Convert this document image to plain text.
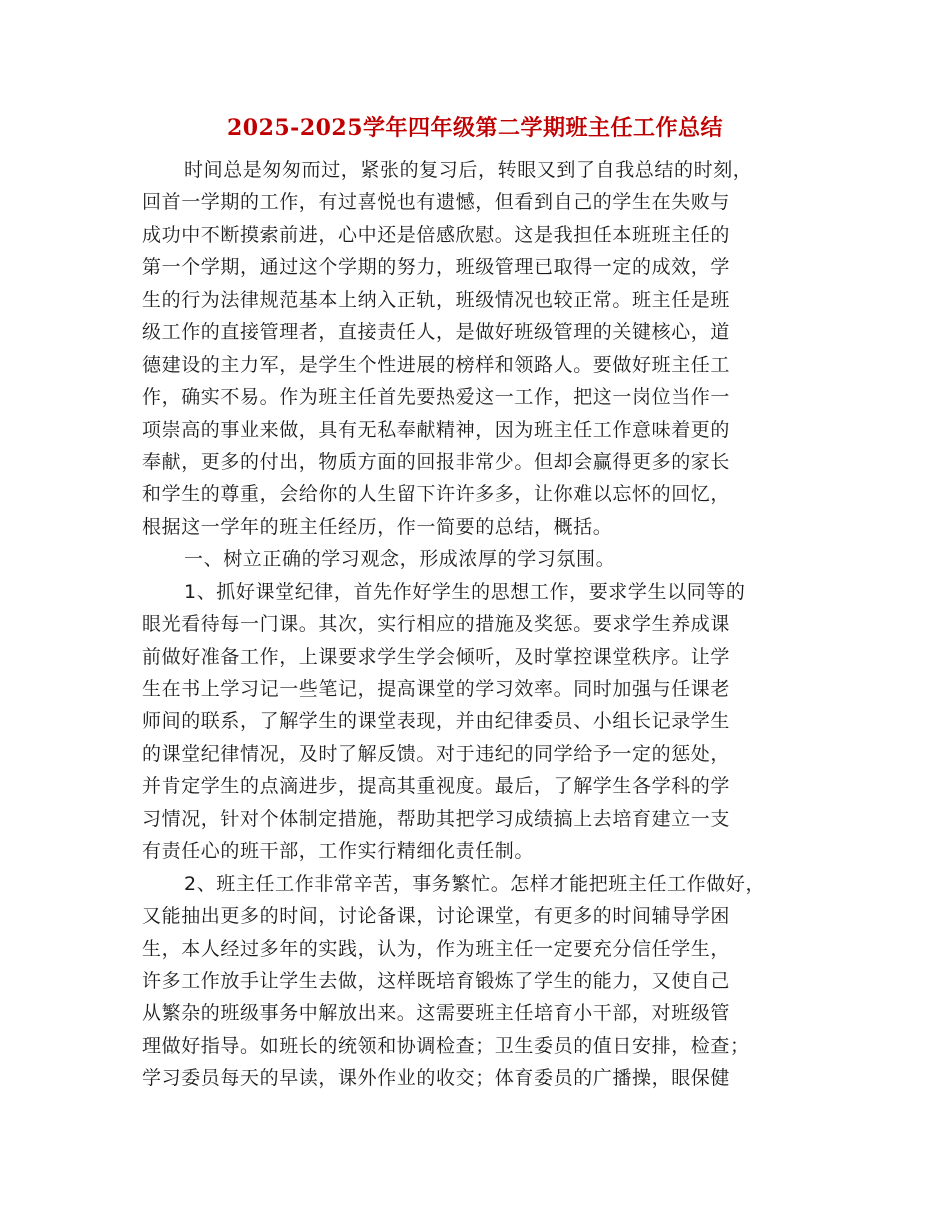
2025-2025学年四年级第二学期班主任工作总结
时间总是匆匆而过，紧张的复习后，转眼又到了自我总结的时刻，
回首一学期的工作，有过喜悦也有遗憾，但看到自己的学生在失败与
成功中不断摸索前进，心中还是倍感欣慰。这是我担任本班班主任的
第一个学期，通过这个学期的努力，班级管理已取得一定的成效，学
生的行为法律规范基本上纳入正轨，班级情况也较正常。班主任是班
级工作的直接管理者，直接责任人，是做好班级管理的关键核心，道
德建设的主力军，是学生个性进展的榜样和领路人。要做好班主任工
作，确实不易。作为班主任首先要热爱这一工作，把这一岗位当作一
项崇高的事业来做，具有无私奉献精神，因为班主任工作意味着更的
奉献，更多的付出，物质方面的回报非常少。但却会赢得更多的家长
和学生的尊重，会给你的人生留下许许多多，让你难以忘怀的回忆，
根据这一学年的班主任经历，作一简要的总结，概括。
一、树立正确的学习观念，形成浓厚的学习氛围。
1、抓好课堂纪律，首先作好学生的思想工作，要求学生以同等的
眼光看待每一门课。其次，实行相应的措施及奖惩。要求学生养成课
前做好准备工作，上课要求学生学会倾听，及时掌控课堂秩序。让学
生在书上学习记一些笔记，提高课堂的学习效率。同时加强与任课老
师间的联系，了解学生的课堂表现，并由纪律委员、小组长记录学生
的课堂纪律情况，及时了解反馈。对于违纪的同学给予一定的惩处，
并肯定学生的点滴进步，提高其重视度。最后，了解学生各学科的学
习情况，针对个体制定措施，帮助其把学习成绩搞上去培育建立一支
有责任心的班干部，工作实行精细化责任制。
2、班主任工作非常辛苦，事务繁忙。怎样才能把班主任工作做好，
又能抽出更多的时间，讨论备课，讨论课堂，有更多的时间辅导学困
生，本人经过多年的实践，认为，作为班主任一定要充分信任学生，
许多工作放手让学生去做，这样既培育锻炼了学生的能力，又使自己
从繁杂的班级事务中解放出来。这需要班主任培育小干部，对班级管
理做好指导。如班长的统领和协调检查；卫生委员的值日安排，检查；
学习委员每天的早读，课外作业的收交；体育委员的广播操，眼保健
